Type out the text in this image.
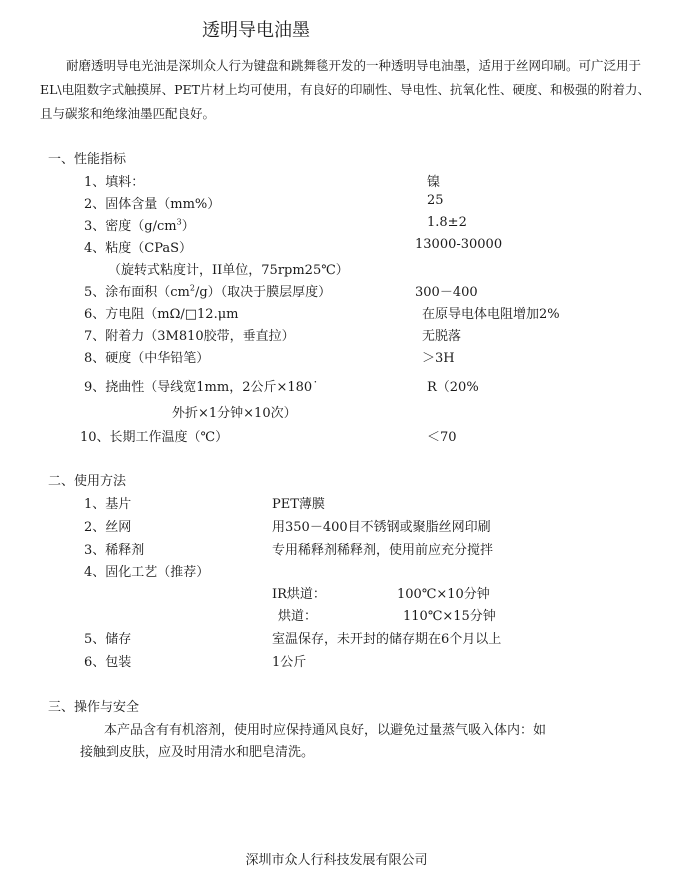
透明导电油墨

耐磨透明导电光油是深圳众人行为键盘和跳舞毯开发的一种透明导电油墨，适用于丝网印刷。可广泛用于EL\电阻数字式触摸屏、PET片材上均可使用，有良好的印刷性、导电性、抗氧化性、硬度、和极强的附着力、且与碳浆和绝缘油墨匹配良好。

一、性能指标
1、填料：	镍
2、固体含量（mm%）	25
3、密度$(g/cm^3)$	1.8±2
4、粘度（CPaS）	13000-30000
（旋转式粘度计，II单位，75rpm25℃）
5、涂布面积$(cm^2/g)$（取决于膜层厚度）	300－400
6、方电阻（mΩ/□12.μm	在原导电体电阻增加2%
7、附着力（3M810胶带，垂直拉）	无脱落
8、硬度（中华铅笔）	＞3H
9、挠曲性（导线宽1mm，2公斤×180˙	R（20%
外折×1分钟×10次）
10、长期工作温度（℃）	＜70
二、使用方法
1、基片	PET薄膜
2、丝网	用350－400目不锈钢或聚脂丝网印刷
3、稀释剂	专用稀释剂稀释剂，使用前应充分搅拌
4、固化工艺（推荐）
IR烘道：	100℃×10分钟
烘道：	110℃×15分钟
5、储存	室温保存，未开封的储存期在6个月以上
6、包装	1公斤
三、操作与安全
本产品含有有机溶剂，使用时应保持通风良好，以避免过量蒸气吸入体内：如
接触到皮肤，应及时用清水和肥皂清洗。
深圳市众人行科技发展有限公司
